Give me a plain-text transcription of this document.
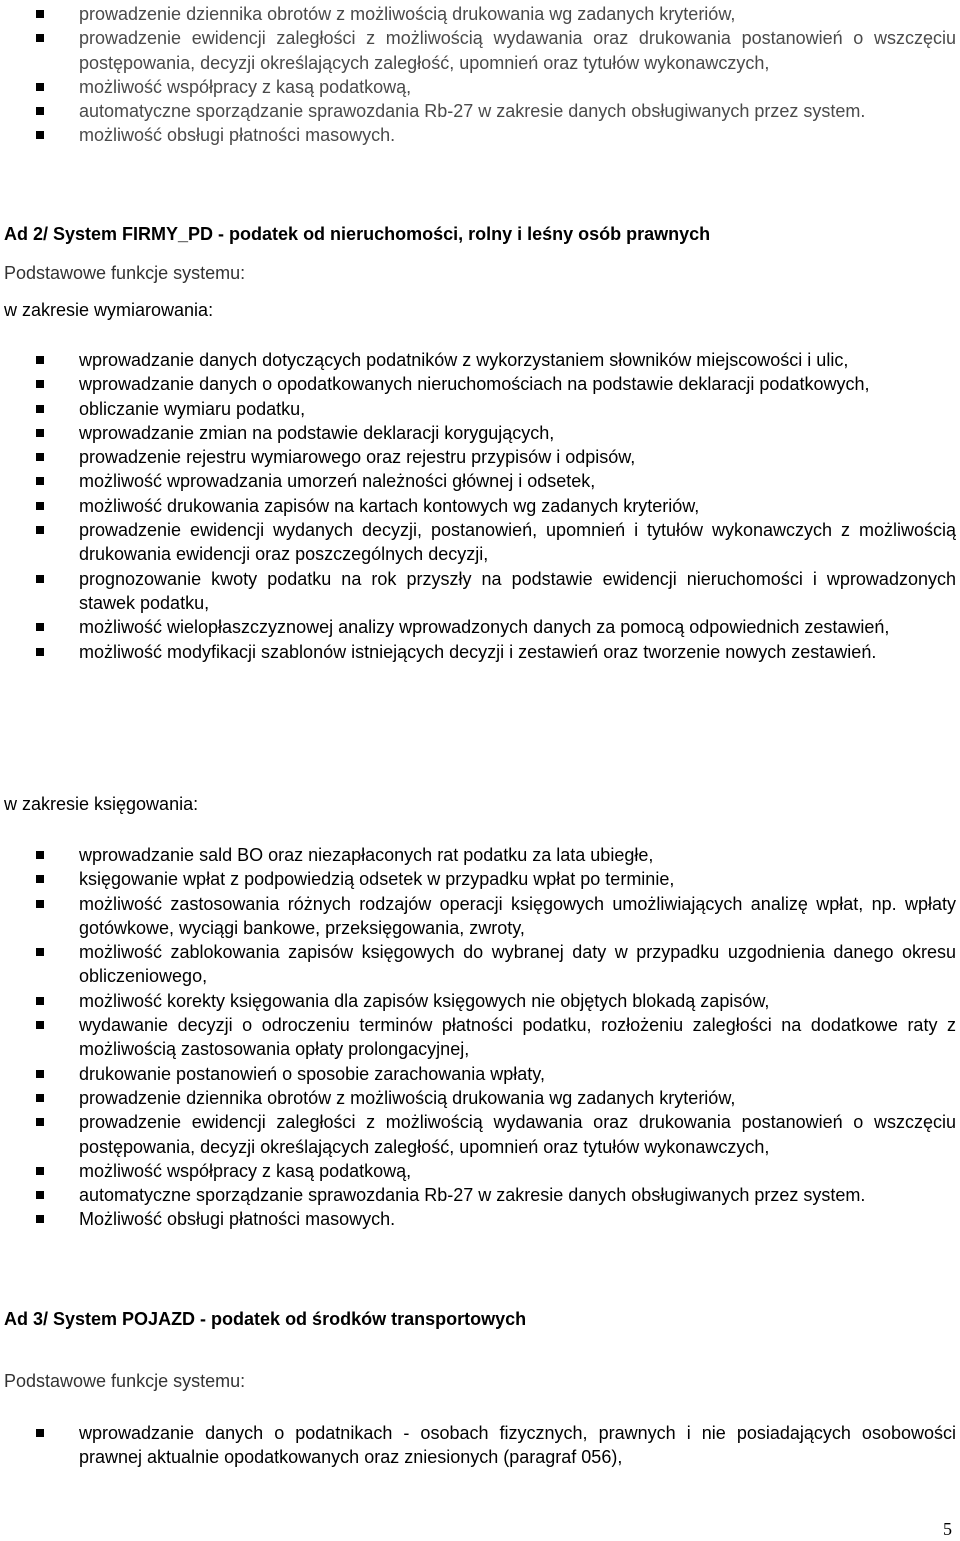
prowadzenie dziennika obrotów z możliwością drukowania wg zadanych kryteriów,
prowadzenie ewidencji zaległości z możliwością wydawania oraz drukowania postanowień o wszczęciu postępowania, decyzji określających zaległość, upomnień oraz tytułów wykonawczych,
możliwość współpracy z kasą podatkową,
automatyczne sporządzanie sprawozdania Rb-27 w zakresie danych obsługiwanych przez system.
możliwość obsługi płatności masowych.

Ad 2/ System FIRMY_PD - podatek od nieruchomości, rolny i leśny osób prawnych

Podstawowe funkcje systemu:

w zakresie wymiarowania:

wprowadzanie danych dotyczących podatników z wykorzystaniem słowników miejscowości i ulic,
wprowadzanie danych o opodatkowanych nieruchomościach na podstawie deklaracji podatkowych,
obliczanie wymiaru podatku,
wprowadzanie zmian na podstawie deklaracji korygujących,
prowadzenie rejestru wymiarowego oraz rejestru przypisów i odpisów,
możliwość wprowadzania umorzeń należności głównej i odsetek,
możliwość drukowania zapisów na kartach kontowych wg zadanych kryteriów,
prowadzenie ewidencji wydanych decyzji, postanowień, upomnień i tytułów wykonawczych z możliwością drukowania ewidencji oraz poszczególnych decyzji,
prognozowanie kwoty podatku na rok przyszły na podstawie ewidencji nieruchomości i wprowadzonych stawek podatku,
możliwość wielopłaszczyznowej analizy wprowadzonych danych za pomocą odpowiednich zestawień,
możliwość modyfikacji szablonów istniejących decyzji i zestawień oraz tworzenie nowych zestawień.

w zakresie księgowania:

wprowadzanie sald BO oraz niezapłaconych rat podatku za lata ubiegłe,
księgowanie wpłat z podpowiedzią odsetek w przypadku wpłat po terminie,
możliwość zastosowania różnych rodzajów operacji księgowych umożliwiających analizę wpłat, np. wpłaty gotówkowe, wyciągi bankowe, przeksięgowania, zwroty,
możliwość zablokowania zapisów księgowych do wybranej daty w przypadku uzgodnienia danego okresu obliczeniowego,
możliwość korekty księgowania dla zapisów księgowych nie objętych blokadą zapisów,
wydawanie decyzji o odroczeniu terminów płatności podatku, rozłożeniu zaległości na dodatkowe raty z możliwością zastosowania opłaty prolongacyjnej,
drukowanie postanowień o sposobie zarachowania wpłaty,
prowadzenie dziennika obrotów z możliwością drukowania wg zadanych kryteriów,
prowadzenie ewidencji zaległości z możliwością wydawania oraz drukowania postanowień o wszczęciu postępowania, decyzji określających zaległość, upomnień oraz tytułów wykonawczych,
możliwość współpracy z kasą podatkową,
automatyczne sporządzanie sprawozdania Rb-27 w zakresie danych obsługiwanych przez system.
Możliwość obsługi płatności masowych.

Ad 3/ System POJAZD - podatek od środków transportowych

Podstawowe funkcje systemu:

wprowadzanie danych o podatnikach - osobach fizycznych, prawnych i nie posiadających osobowości prawnej aktualnie opodatkowanych oraz zniesionych (paragraf 056),

5
